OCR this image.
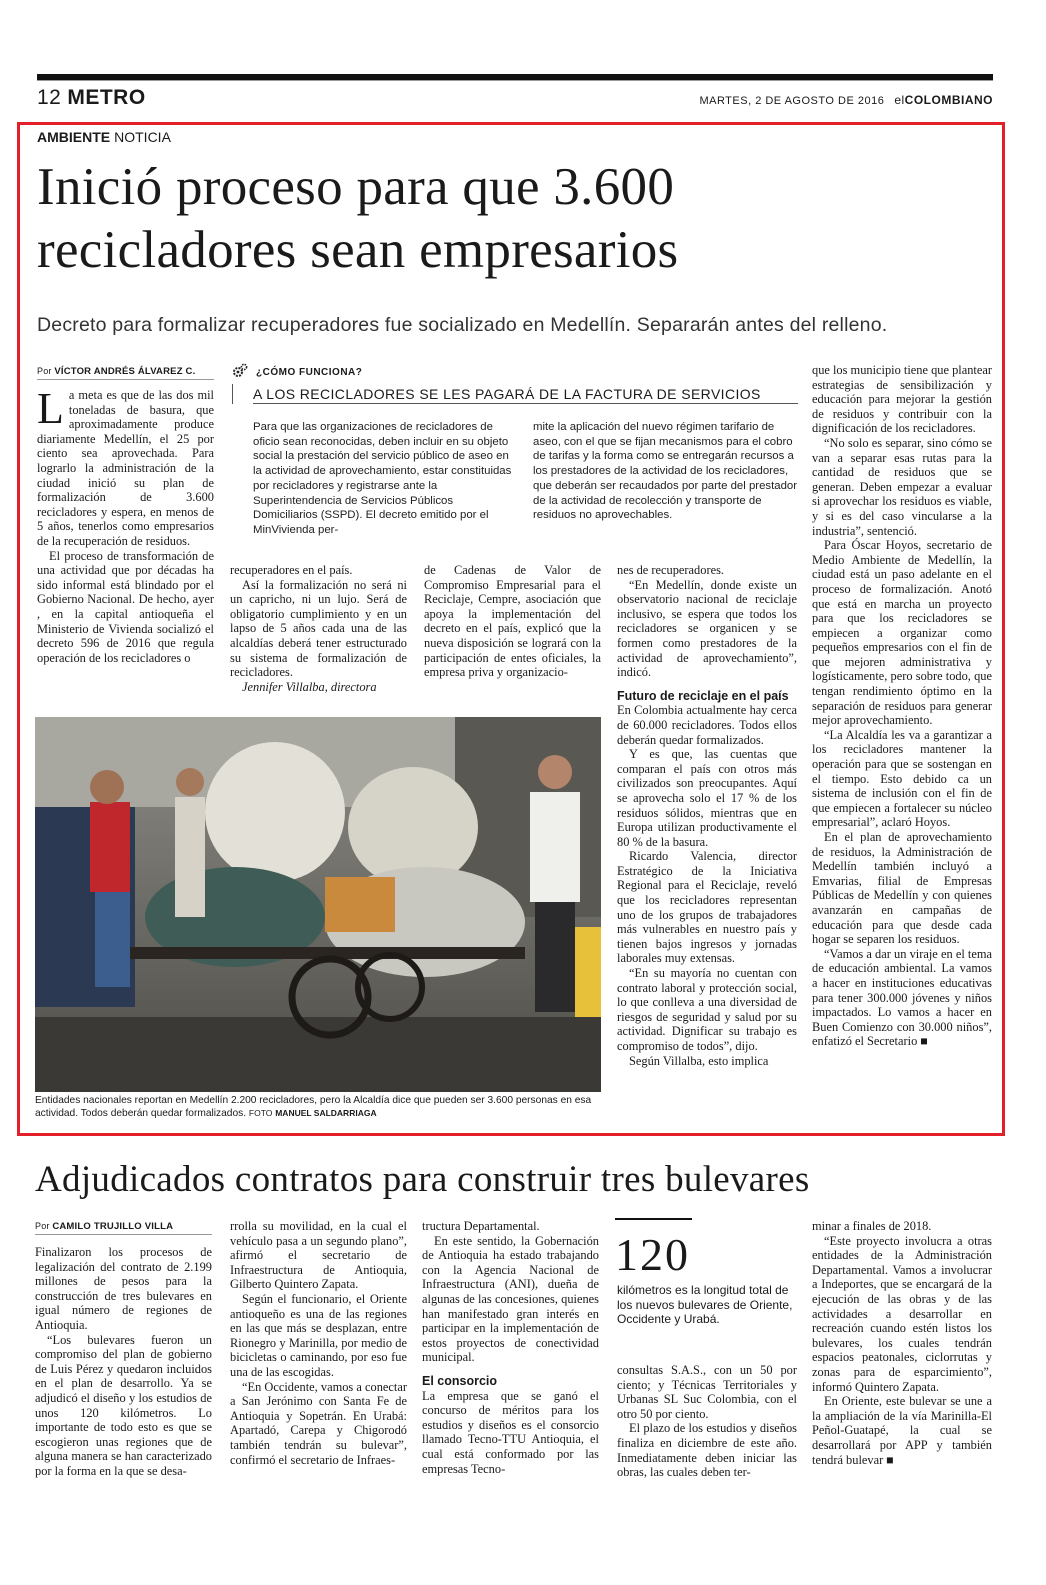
12 METRO	MARTES, 2 DE AGOSTO DE 2016 elCOLOMBIANO
AMBIENTE NOTICIA
Inició proceso para que 3.600
recicladores sean empresarios
Decreto para formalizar recuperadores fue socializado en Medellín. Separarán antes del relleno.
Por VÍCTOR ANDRÉS ÁLVAREZ C.

La meta es que de las dos mil toneladas de basura, que aproximadamente produce diariamente Medellín, el 25 por ciento sea aprovechada. Para lograrlo la administración de la ciudad inició su plan de formalización de 3.600 recicladores y espera, en menos de 5 años, tenerlos como empresarios de la recuperación de residuos.

El proceso de transformación de una actividad que por décadas ha sido informal está blindado por el Gobierno Nacional. De hecho, ayer , en la capital antioqueña el Ministerio de Vivienda socializó el decreto 596 de 2016 que regula operación de los recicladores o

¿CÓMO FUNCIONA?
A LOS RECICLADORES SE LES PAGARÁ DE LA FACTURA DE SERVICIOS
Para que las organizaciones de recicladores de oficio sean reconocidas, deben incluir en su objeto social la prestación del servicio público de aseo en la actividad de aprovechamiento, estar constituidas por recicladores y registrarse ante la Superintendencia de Servicios Públicos Domiciliarios (SSPD). El decreto emitido por el MinVivienda per-
mite la aplicación del nuevo régimen tarifario de aseo, con el que se fijan mecanismos para el cobro de tarifas y la forma como se entregarán recursos a los prestadores de la actividad de los recicladores, que deberán ser recaudados por parte del prestador de la actividad de recolección y transporte de residuos no aprovechables.

recuperadores en el país.

Así la formalización no será ni un capricho, ni un lujo. Será de obligatorio cumplimiento y en un lapso de 5 años cada una de las alcaldías deberá tener estructurado su sistema de formalización de recicladores.

Jennifer Villalba, directora

de Cadenas de Valor de Compromiso Empresarial para el Reciclaje, Cempre, asociación que apoya la implementación del decreto en el país, explicó que la nueva disposición se logrará con la participación de entes oficiales, la empresa priva y organizacio-

Entidades nacionales reportan en Medellín 2.200 recicladores, pero la Alcaldía dice que pueden ser 3.600 personas en esa actividad. Todos deberán quedar formalizados. FOTO MANUEL SALDARRIAGA

nes de recuperadores.

“En Medellín, donde existe un observatorio nacional de reciclaje inclusivo, se espera que todos los recicladores se organicen y se formen como prestadores de la actividad de aprovechamiento”, indicó.

Futuro de reciclaje en el país

En Colombia actualmente hay cerca de 60.000 recicladores. Todos ellos deberán quedar formalizados.

Y es que, las cuentas que comparan el país con otros más civilizados son preocupantes. Aquí se aprovecha solo el 17 % de los residuos sólidos, mientras que en Europa utilizan productivamente el 80 % de la basura.

Ricardo Valencia, director Estratégico de la Iniciativa Regional para el Reciclaje, reveló que los recicladores representan uno de los grupos de trabajadores más vulnerables en nuestro país y tienen bajos ingresos y jornadas laborales muy extensas.

“En su mayoría no cuentan con contrato laboral y protección social, lo que conlleva a una diversidad de riesgos de seguridad y salud por su actividad. Dignificar su trabajo es compromiso de todos”, dijo.

Según Villalba, esto implica

que los municipio tiene que plantear estrategias de sensibilización y educación para mejorar la gestión de residuos y contribuir con la dignificación de los recicladores.

“No solo es separar, sino cómo se van a separar esas rutas para la cantidad de residuos que se generan. Deben empezar a evaluar si aprovechar los residuos es viable, y si es del caso vincularse a la industria”, sentenció.

Para Óscar Hoyos, secretario de Medio Ambiente de Medellín, la ciudad está un paso adelante en el proceso de formalización. Anotó que está en marcha un proyecto para que los recicladores se empiecen a organizar como pequeños empresarios con el fin de que mejoren administrativa y logísticamente, pero sobre todo, que tengan rendimiento óptimo en la separación de residuos para generar mejor aprovechamiento.

“La Alcaldía les va a garantizar a los recicladores mantener la operación para que se sostengan en el tiempo. Esto debido ca un sistema de inclusión con el fin de que empiecen a fortalecer su núcleo empresarial”, aclaró Hoyos.

En el plan de aprovechamiento de residuos, la Administración de Medellín también incluyó a Emvarias, filial de Empresas Públicas de Medellín y con quienes avanzarán en campañas de educación para que desde cada hogar se separen los residuos.

“Vamos a dar un viraje en el tema de educación ambiental. La vamos a hacer en instituciones educativas para tener 300.000 jóvenes y niños impactados. Lo vamos a hacer en Buen Comienzo con 30.000 niños”, enfatizó el Secretario ■

Adjudicados contratos para construir tres bulevares
Por CAMILO TRUJILLO VILLA

Finalizaron los procesos de legalización del contrato de 2.199 millones de pesos para la construcción de tres bulevares en igual número de regiones de Antioquia.

“Los bulevares fueron un compromiso del plan de gobierno de Luis Pérez y quedaron incluidos en el plan de desarrollo. Ya se adjudicó el diseño y los estudios de unos 120 kilómetros. Lo importante de todo esto es que se escogieron unas regiones que de alguna manera se han caracterizado por la forma en la que se desa-

rrolla su movilidad, en la cual el vehículo pasa a un segundo plano”, afirmó el secretario de Infraestructura de Antioquia, Gilberto Quintero Zapata.

Según el funcionario, el Oriente antioqueño es una de las regiones en las que más se desplazan, entre Rionegro y Marinilla, por medio de bicicletas o caminando, por eso fue una de las escogidas.

“En Occidente, vamos a conectar a San Jerónimo con Santa Fe de Antioquia y Sopetrán. En Urabá: Apartadó, Carepa y Chigorodó también tendrán su bulevar”, confirmó el secretario de Infraes-

tructura Departamental.

En este sentido, la Gobernación de Antioquia ha estado trabajando con la Agencia Nacional de Infraestructura (ANI), dueña de algunas de las concesiones, quienes han manifestado gran interés en participar en la implementación de estos proyectos de conectividad municipal.

El consorcio

La empresa que se ganó el concurso de méritos para los estudios y diseños es el consorcio llamado Tecno-TTU Antioquia, el cual está conformado por las empresas Tecno-

120
kilómetros es la longitud total de los nuevos bulevares de Oriente, Occidente y Urabá.

consultas S.A.S., con un 50 por ciento; y Técnicas Territoriales y Urbanas SL Suc Colombia, con el otro 50 por ciento.

El plazo de los estudios y diseños finaliza en diciembre de este año. Inmediatamente deben iniciar las obras, las cuales deben ter-

minar a finales de 2018.

“Este proyecto involucra a otras entidades de la Administración Departamental. Vamos a involucrar a Indeportes, que se encargará de la ejecución de las obras y de las actividades a desarrollar en recreación cuando estén listos los bulevares, los cuales tendrán espacios peatonales, ciclorrutas y zonas para de esparcimiento”, informó Quintero Zapata.

En Oriente, este bulevar se une a la ampliación de la vía Marinilla-El Peñol-Guatapé, la cual se desarrollará por APP y también tendrá bulevar ■
